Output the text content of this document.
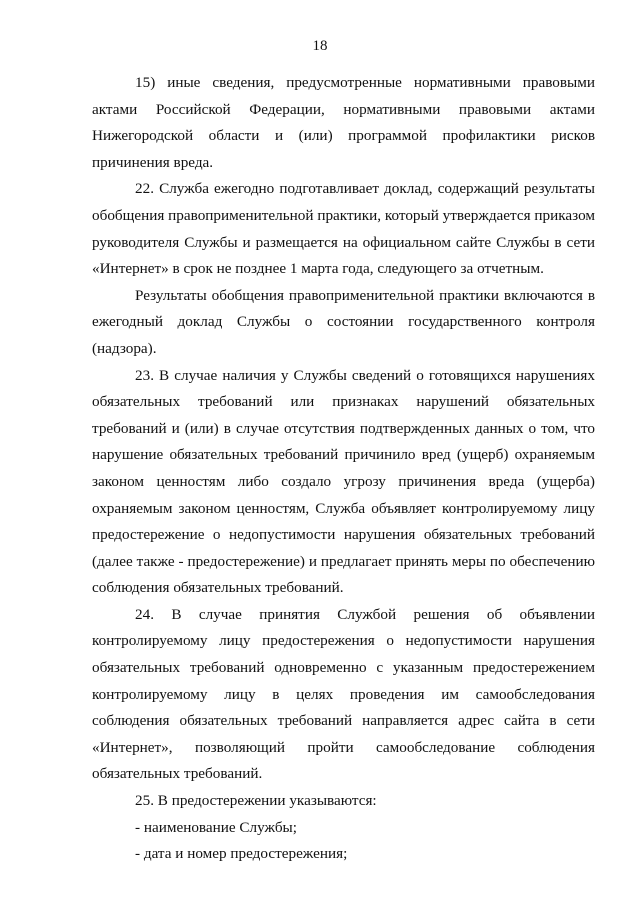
18

15) иные сведения, предусмотренные нормативными правовыми актами Российской Федерации, нормативными правовыми актами Нижегородской области и (или) программой профилактики рисков причинения вреда.

22. Служба ежегодно подготавливает доклад, содержащий результаты обобщения правоприменительной практики, который утверждается приказом руководителя Службы и размещается на официальном сайте Службы в сети «Интернет» в срок не позднее 1 марта года, следующего за отчетным.

Результаты обобщения правоприменительной практики включаются в ежегодный доклад Службы о состоянии государственного контроля (надзора).

23. В случае наличия у Службы сведений о готовящихся нарушениях обязательных требований или признаках нарушений обязательных требований и (или) в случае отсутствия подтвержденных данных о том, что нарушение обязательных требований причинило вред (ущерб) охраняемым законом ценностям либо создало угрозу причинения вреда (ущерба) охраняемым законом ценностям, Служба объявляет контролируемому лицу предостережение о недопустимости нарушения обязательных требований (далее также - предостережение) и предлагает принять меры по обеспечению соблюдения обязательных требований.

24. В случае принятия Службой решения об объявлении контролируемому лицу предостережения о недопустимости нарушения обязательных требований одновременно с указанным предостережением контролируемому лицу в целях проведения им самообследования соблюдения обязательных требований направляется адрес сайта в сети «Интернет», позволяющий пройти самообследование соблюдения обязательных требований.

25. В предостережении указываются:

- наименование Службы;

- дата и номер предостережения;
